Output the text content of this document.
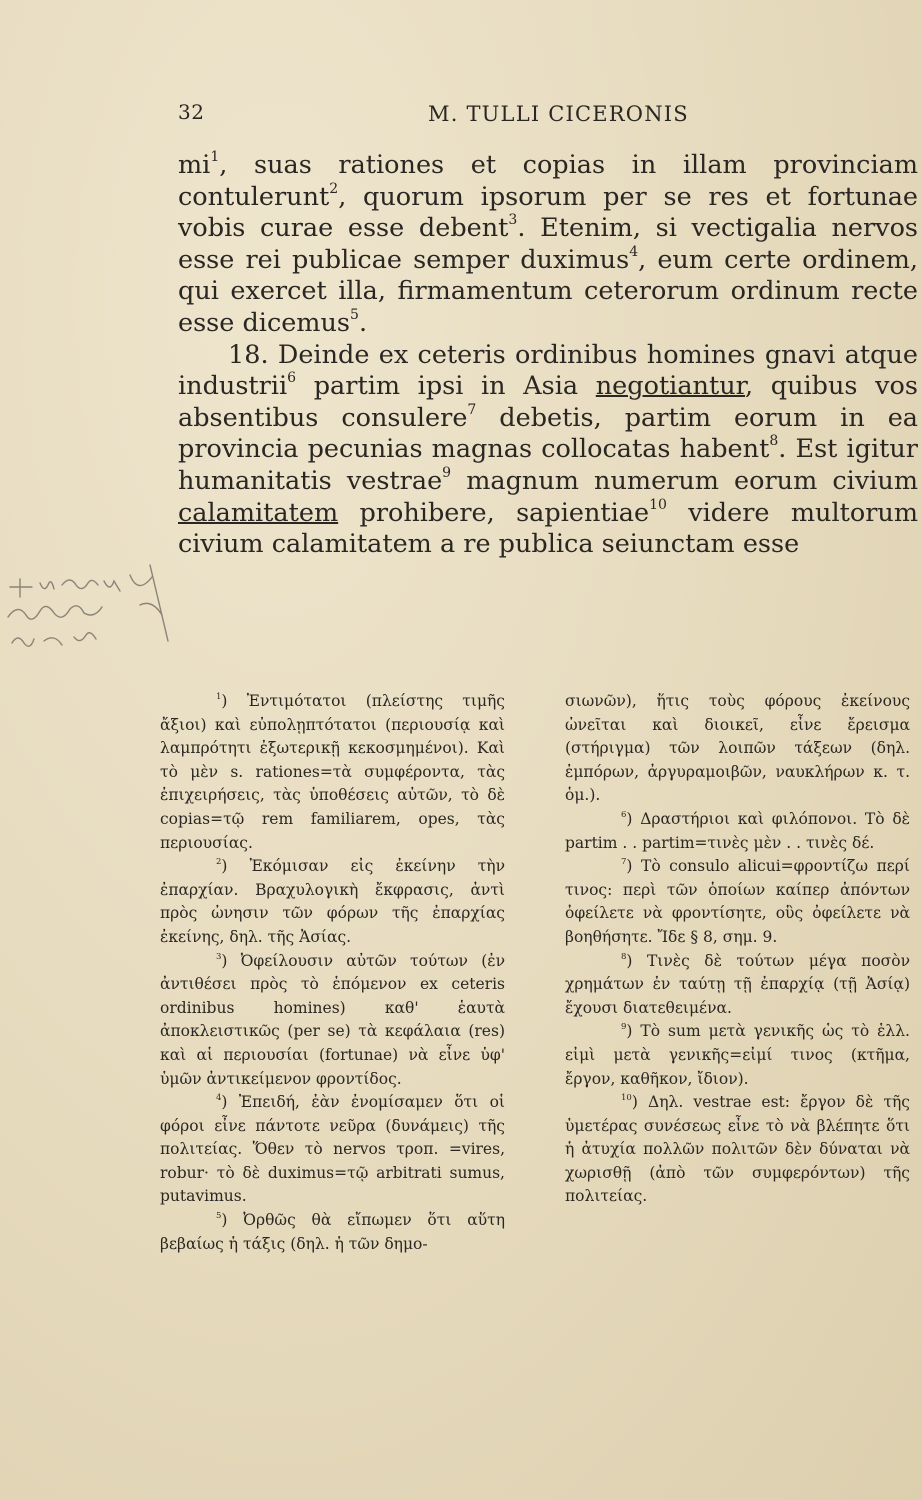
32	M. TULLI CICERONIS

$mi^1$, suas rationes et copias in illam provinciam contulerunt$^2$, quorum ipsorum per se res et fortunae vobis curae esse debent$^3$. Etenim, si vectigalia nervos esse rei publicae semper duximus$^4$, eum certe ordinem, qui exercet illa, firmamentum ceterorum ordinum recte esse dicemus$^5$.

18. Deinde ex ceteris ordinibus homines gnavi atque industrii$^6$ partim ipsi in Asia negotiantur, quibus vos absentibus consulere$^7$ debetis, partim eorum in ea provincia pecunias magnas collocatas habent$^8$. Est igitur humanitatis vestrae$^9$ magnum numerum eorum civium calamitatem prohibere, sapientiae$^{10}$ videre multorum civium calamitatem a re publica seiunctam esse

$^1$) Ἐντιμότατοι (πλείστης τιμῆς ἄξιοι) καὶ εὐπολῃπτότατοι (περιουσίᾳ καὶ λαμπρότητι ἐξωτερικῇ κεκοσμημένοι). Καὶ τὸ μὲν s. rationes=τὰ συμφέροντα, τὰς ἐπιχειρήσεις, τὰς ὑποθέσεις αὐτῶν, τὸ δὲ copias=τῷ rem familiarem, opes, τὰς περιουσίας.

$^2$) Ἐκόμισαν εἰς ἐκείνην τὴν ἐπαρχίαν. Βραχυλογικὴ ἔκφρασις, ἀντὶ πρὸς ὠνησιν τῶν φόρων τῆς ἐπαρχίας ἐκείνης, δηλ. τῆς Ἀσίας.

$^3$) Ὀφείλουσιν αὐτῶν τούτων (ἐν ἀντιθέσει πρὸς τὸ ἑπόμενον ex ceteris ordinibus homines) καθ' ἑαυτὰ ἀποκλειστικῶς (per se) τὰ κεφάλαια (res) καὶ αἱ περιουσίαι (fortunae) νὰ εἶνε ὑφ' ὑμῶν ἀντικείμενον φροντίδος.

$^4$) Ἐπειδή, ἐὰν ἐνομίσαμεν ὅτι οἱ φόροι εἶνε πάντοτε νεῦρα (δυνάμεις) τῆς πολιτείας. Ὅθεν τὸ nervos τροπ. =vires, robur· τὸ δὲ duximus=τῷ arbitrati sumus, putavimus.

$^5$) Ὀρθῶς θὰ εἴπωμεν ὅτι αὕτη βεβαίως ἡ τάξις (δηλ. ἡ τῶν δημο-

σιωνῶν), ἥτις τοὺς φόρους ἐκείνους ὠνεῖται καὶ διοικεῖ, εἶνε ἔρεισμα (στήριγμα) τῶν λοιπῶν τάξεων (δηλ. ἐμπόρων, ἀργυραμοιβῶν, ναυκλήρων κ. τ. ὁμ.).

$^6$) Δραστήριοι καὶ φιλόπονοι. Τὸ δὲ partim . . partim=τινὲς μὲν . . τινὲς δέ.

$^7$) Τὸ consulo alicui=φροντίζω περί τινος: περὶ τῶν ὁποίων καίπερ ἀπόντων ὀφείλετε νὰ φροντίσητε, οὓς ὀφείλετε νὰ βοηθήσητε. Ἴδε § 8, σημ. 9.

$^8$) Τινὲς δὲ τούτων μέγα ποσὸν χρημάτων ἐν ταύτῃ τῇ ἐπαρχίᾳ (τῇ Ἀσίᾳ) ἔχουσι διατεθειμένα.

$^9$) Τὸ sum μετὰ γενικῆς ὡς τὸ ἑλλ. εἰμὶ μετὰ γενικῆς=εἰμί τινος (κτῆμα, ἔργον, καθῆκον, ἴδιον).

$^{10}$) Δηλ. vestrae est: ἔργον δὲ τῆς ὑμετέρας συνέσεως εἶνε τὸ νὰ βλέπητε ὅτι ἡ ἀτυχία πολλῶν πολιτῶν δὲν δύναται νὰ χωρισθῇ (ἀπὸ τῶν συμφερόντων) τῆς πολιτείας.
